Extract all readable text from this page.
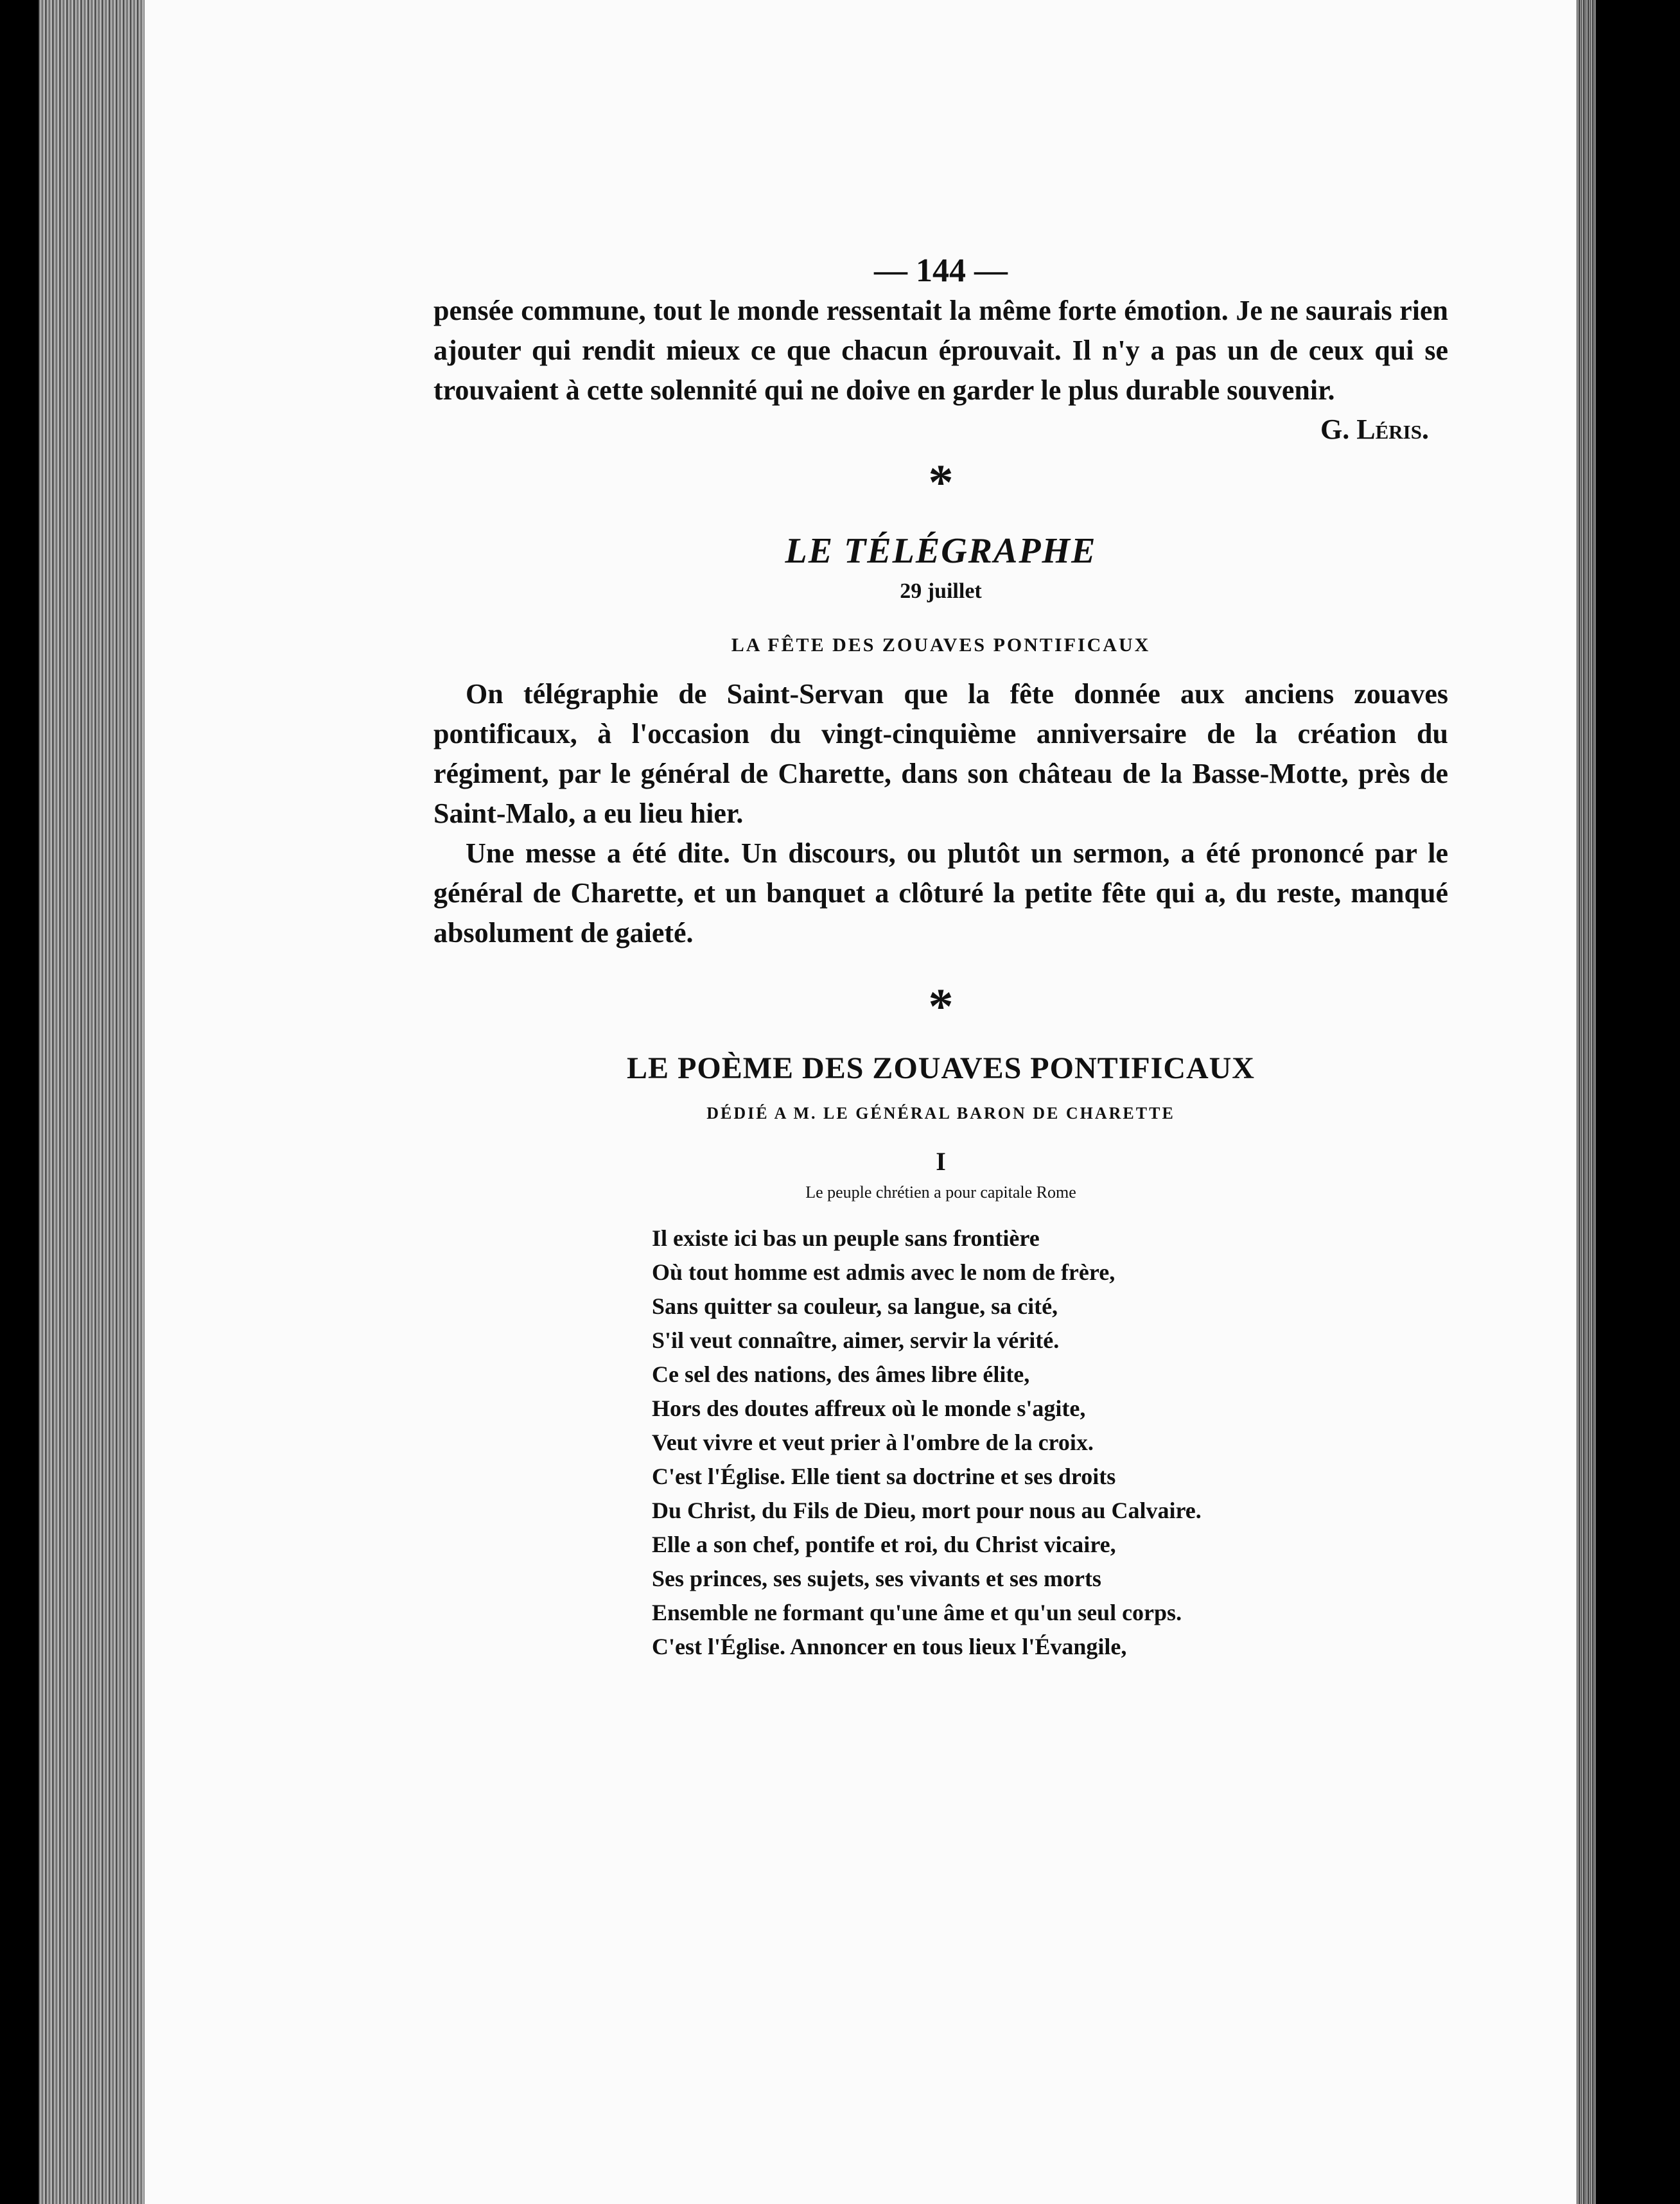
— 144 —

pensée commune, tout le monde ressentait la même forte émotion. Je ne saurais rien ajouter qui rendit mieux ce que chacun éprouvait. Il n'y a pas un de ceux qui se trouvaient à cette solennité qui ne doive en garder le plus durable souvenir.

G. Léris.
*
LE TÉLÉGRAPHE
29 juillet
LA FÊTE DES ZOUAVES PONTIFICAUX

On télégraphie de Saint-Servan que la fête donnée aux anciens zouaves pontificaux, à l'occasion du vingt-cinquième anniversaire de la création du régiment, par le général de Charette, dans son château de la Basse-Motte, près de Saint-Malo, a eu lieu hier.

Une messe a été dite. Un discours, ou plutôt un sermon, a été prononcé par le général de Charette, et un banquet a clôturé la petite fête qui a, du reste, manqué absolument de gaieté.

*
LE POÈME DES ZOUAVES PONTIFICAUX
DÉDIÉ A M. LE GÉNÉRAL BARON DE CHARETTE
I
Le peuple chrétien a pour capitale Rome
Il existe ici bas un peuple sans frontière
Où tout homme est admis avec le nom de frère,
Sans quitter sa couleur, sa langue, sa cité,
S'il veut connaître, aimer, servir la vérité.
Ce sel des nations, des âmes libre élite,
Hors des doutes affreux où le monde s'agite,
Veut vivre et veut prier à l'ombre de la croix.
C'est l'Église. Elle tient sa doctrine et ses droits
Du Christ, du Fils de Dieu, mort pour nous au Calvaire.
Elle a son chef, pontife et roi, du Christ vicaire,
Ses princes, ses sujets, ses vivants et ses morts
Ensemble ne formant qu'une âme et qu'un seul corps.
C'est l'Église. Annoncer en tous lieux l'Évangile,
